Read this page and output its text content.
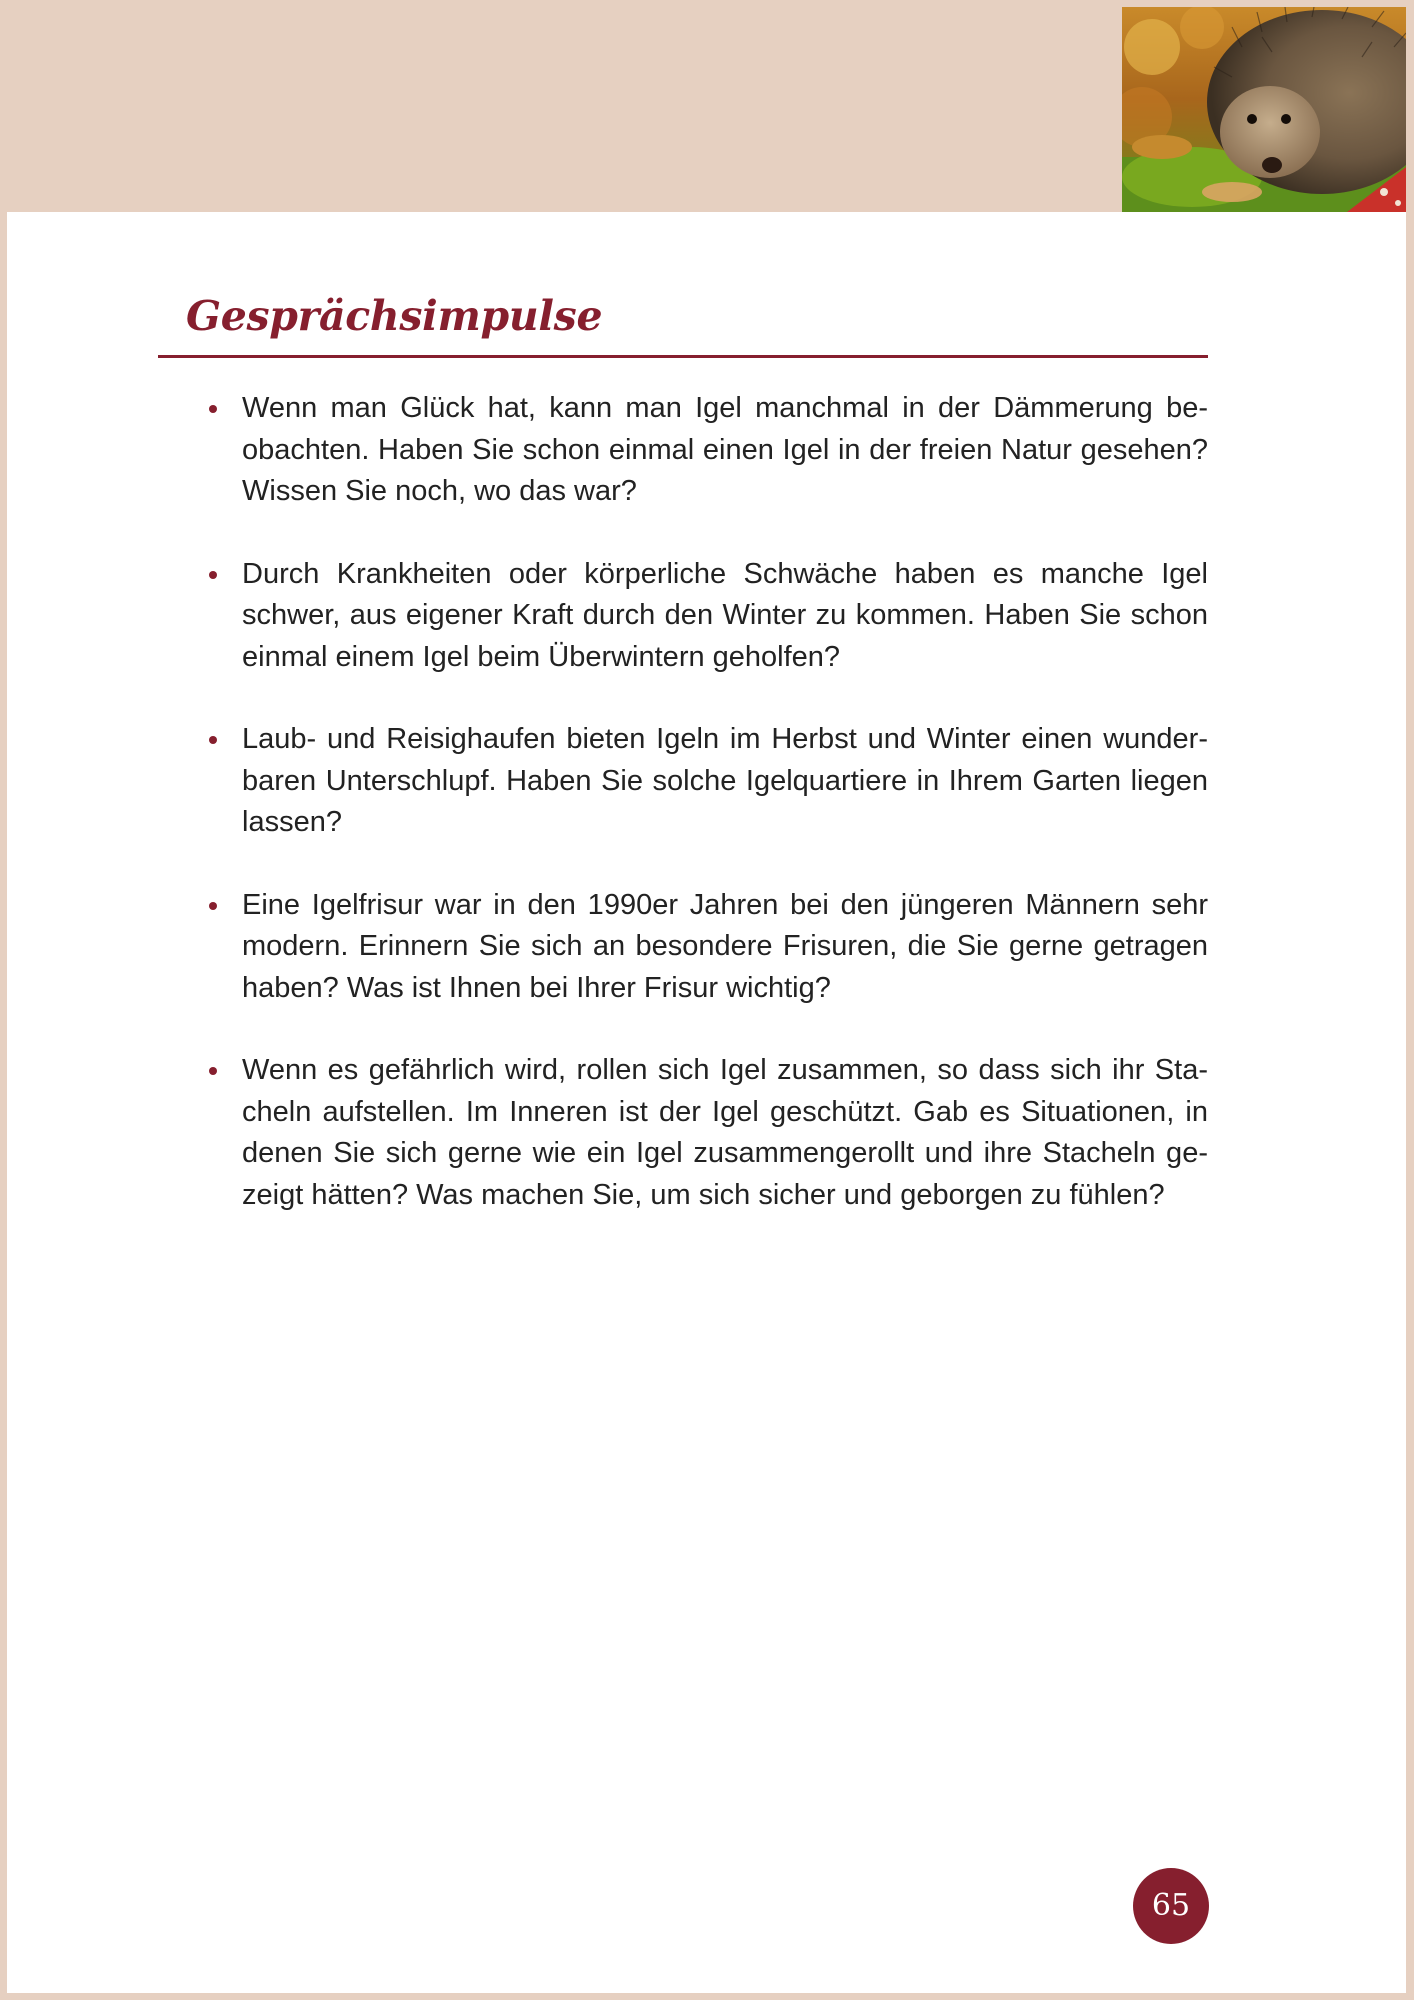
Gesprächsimpulse
Wenn man Glück hat, kann man Igel manchmal in der Dämmerung beobachten. Haben Sie schon einmal einen Igel in der freien Natur gesehen? Wissen Sie noch, wo das war?
Durch Krankheiten oder körperliche Schwäche haben es manche Igel schwer, aus eigener Kraft durch den Winter zu kommen. Haben Sie schon einmal einem Igel beim Überwintern geholfen?
Laub- und Reisighaufen bieten Igeln im Herbst und Winter einen wunderbaren Unterschlupf. Haben Sie solche Igelquartiere in Ihrem Garten liegen lassen?
Eine Igelfrisur war in den 1990er Jahren bei den jüngeren Männern sehr modern. Erinnern Sie sich an besondere Frisuren, die Sie gerne getragen haben? Was ist Ihnen bei Ihrer Frisur wichtig?
Wenn es gefährlich wird, rollen sich Igel zusammen, so dass sich ihr Stacheln aufstellen. Im Inneren ist der Igel geschützt. Gab es Situationen, in denen Sie sich gerne wie ein Igel zusammengerollt und ihre Stacheln gezeigt hätten? Was machen Sie, um sich sicher und geborgen zu fühlen?
65
